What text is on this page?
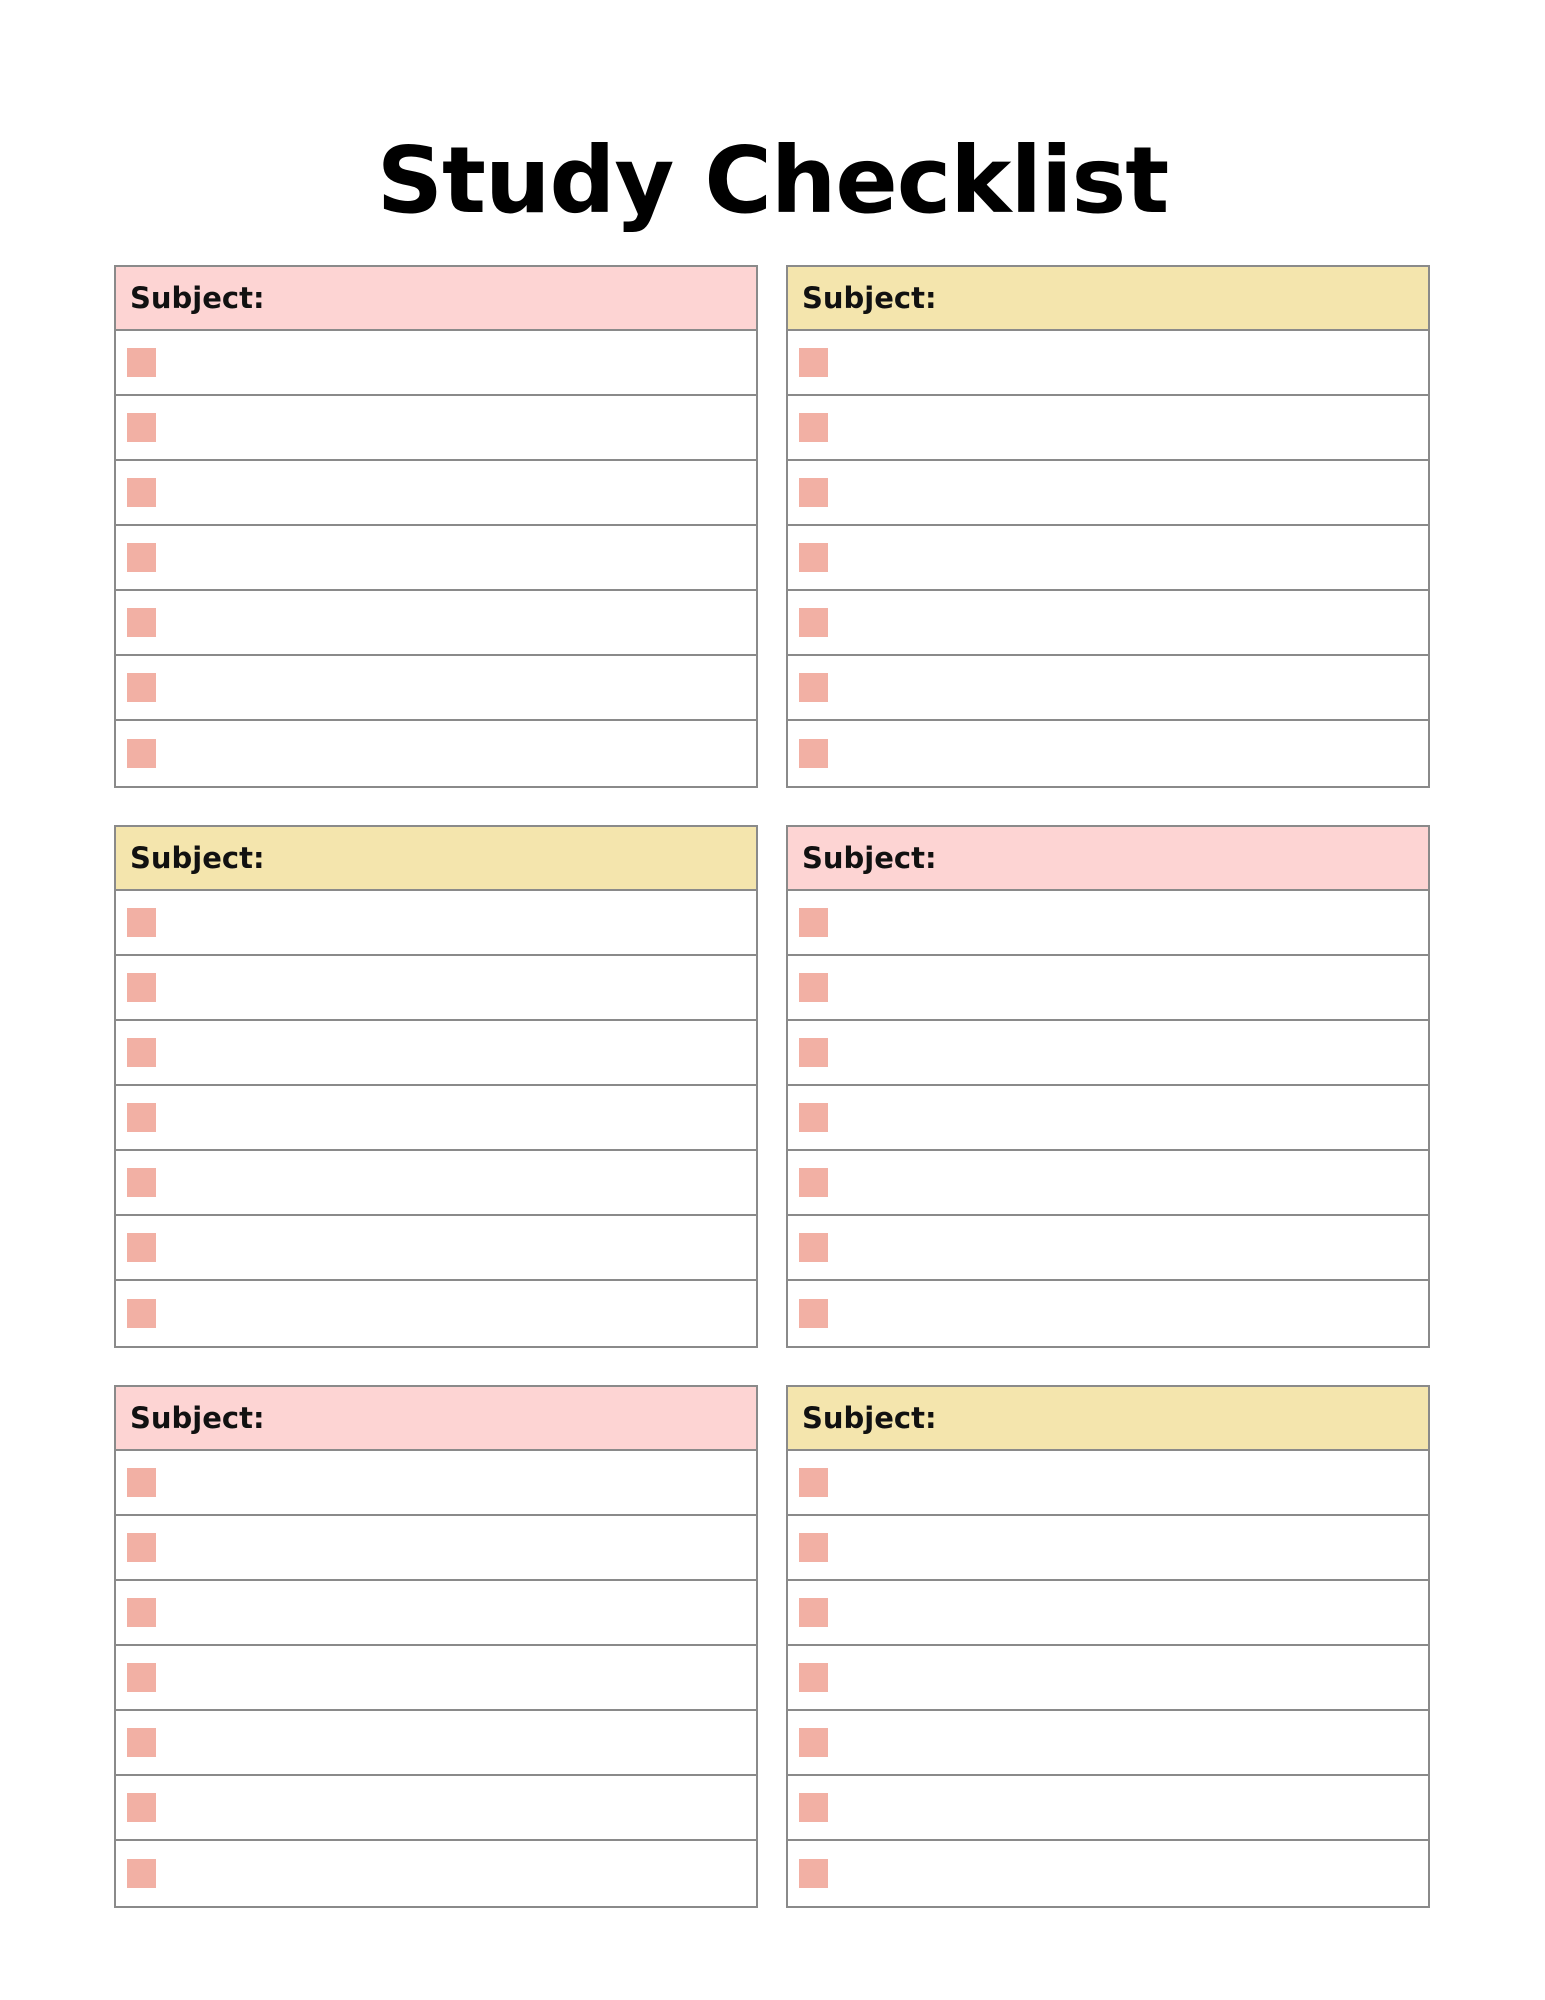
Study Checklist
Subject:	Subject:
Subject:	Subject:
Subject:	Subject:
